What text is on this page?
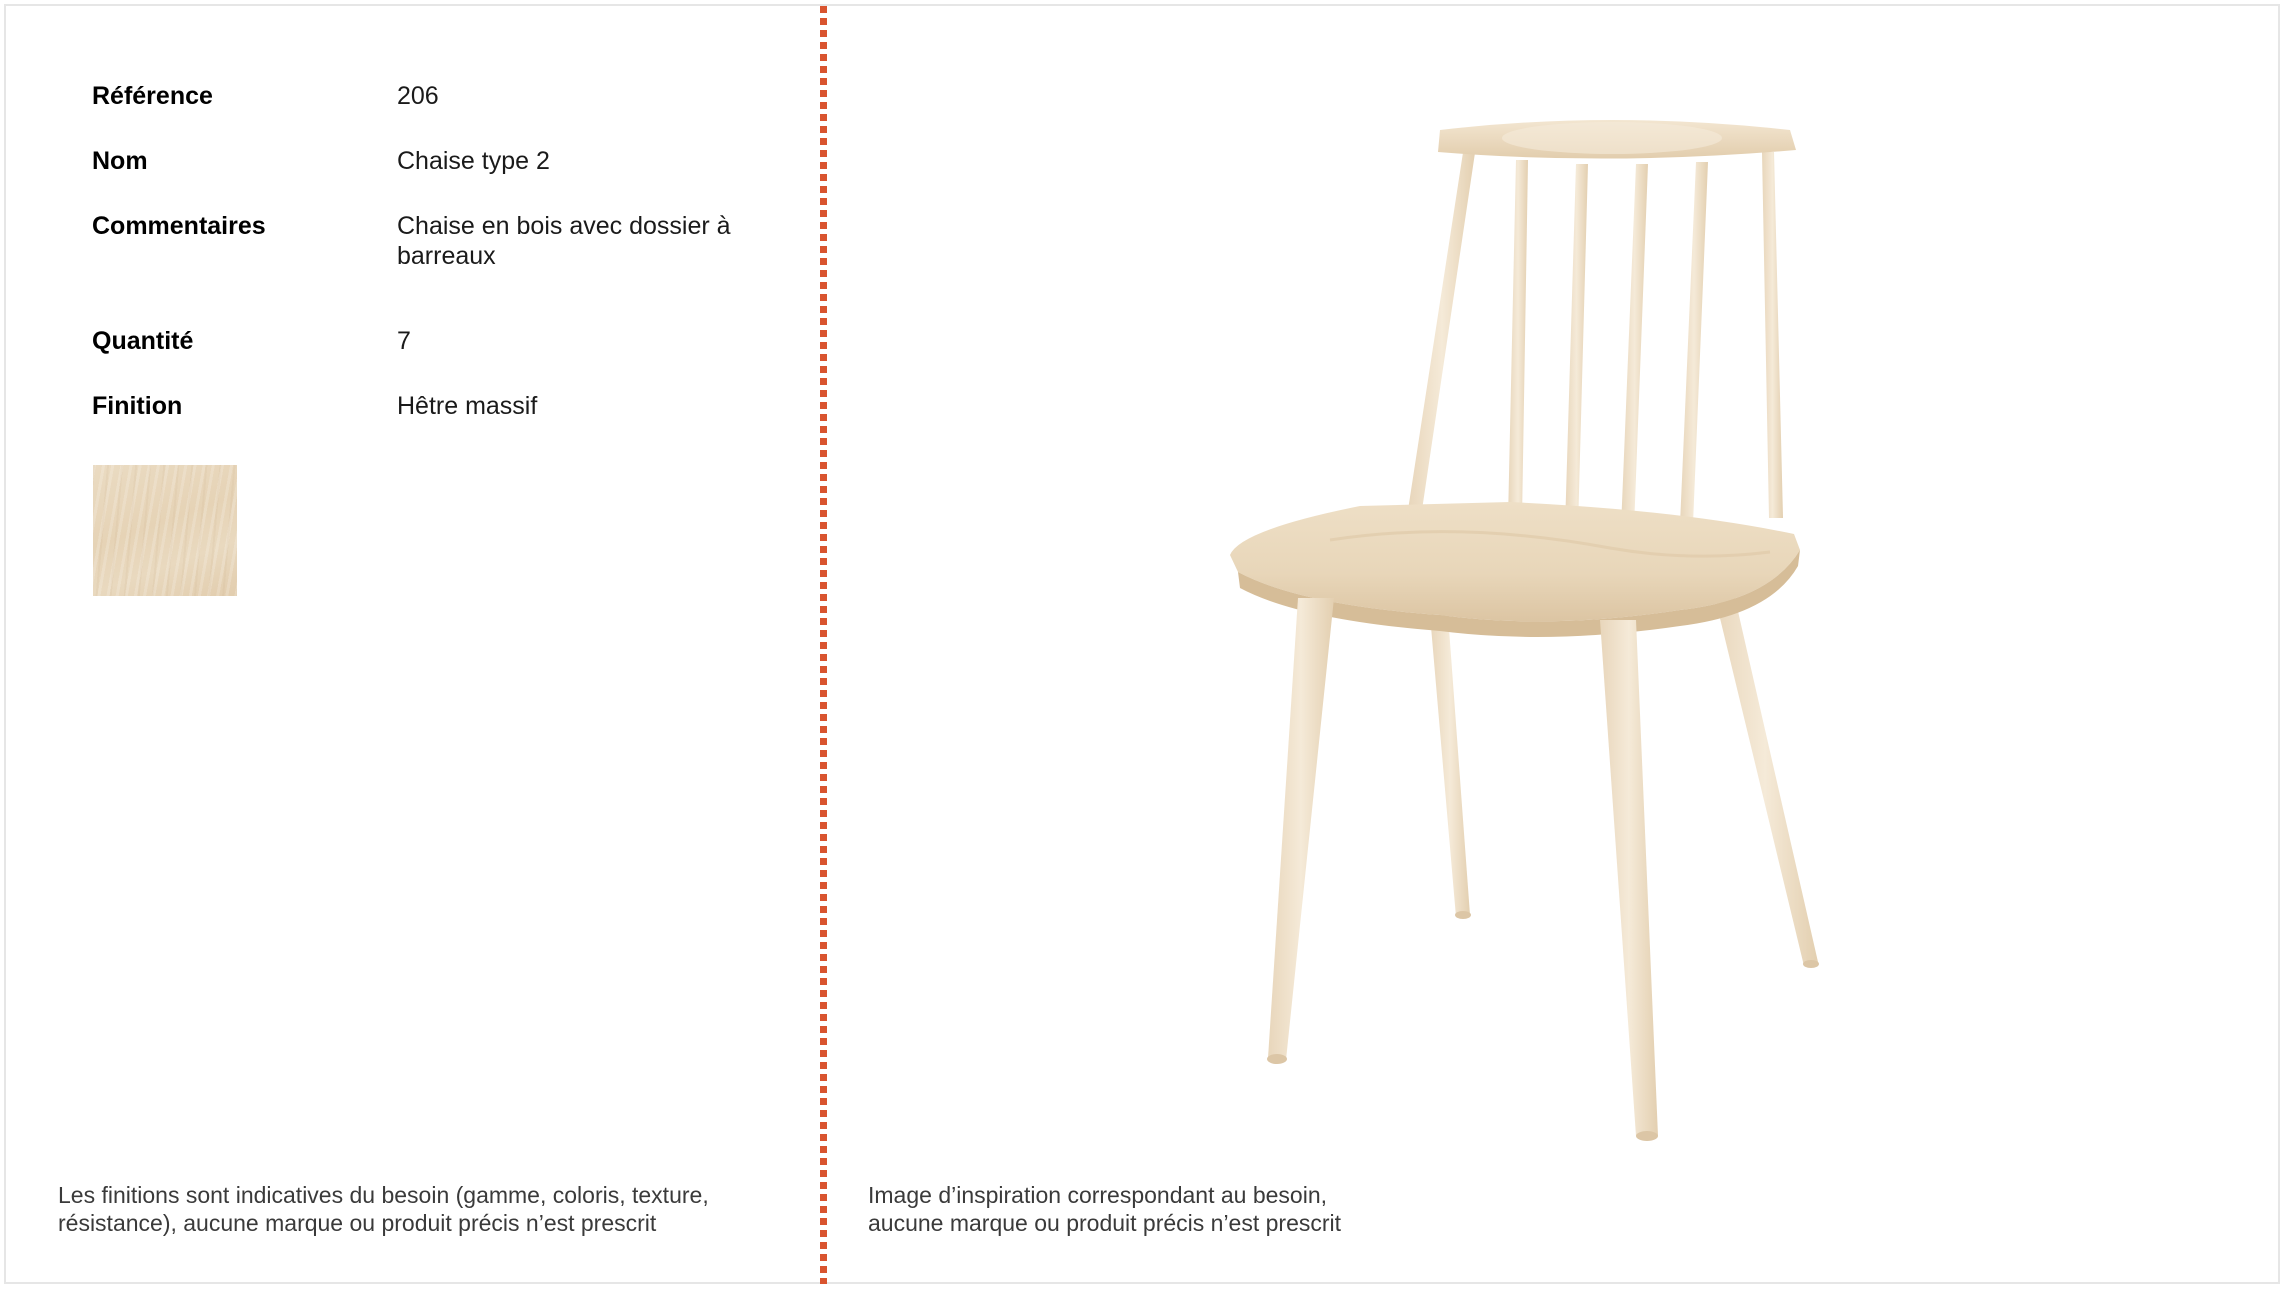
Référence	206
Nom	Chaise type 2
Commentaires	Chaise en bois avec dossier à barreaux
Quantité	7
Finition	Hêtre massif
Les finitions sont indicatives du besoin (gamme, coloris, texture,
résistance), aucune marque ou produit précis n’est prescrit
Image d’inspiration correspondant au besoin,
aucune marque ou produit précis n’est prescrit
